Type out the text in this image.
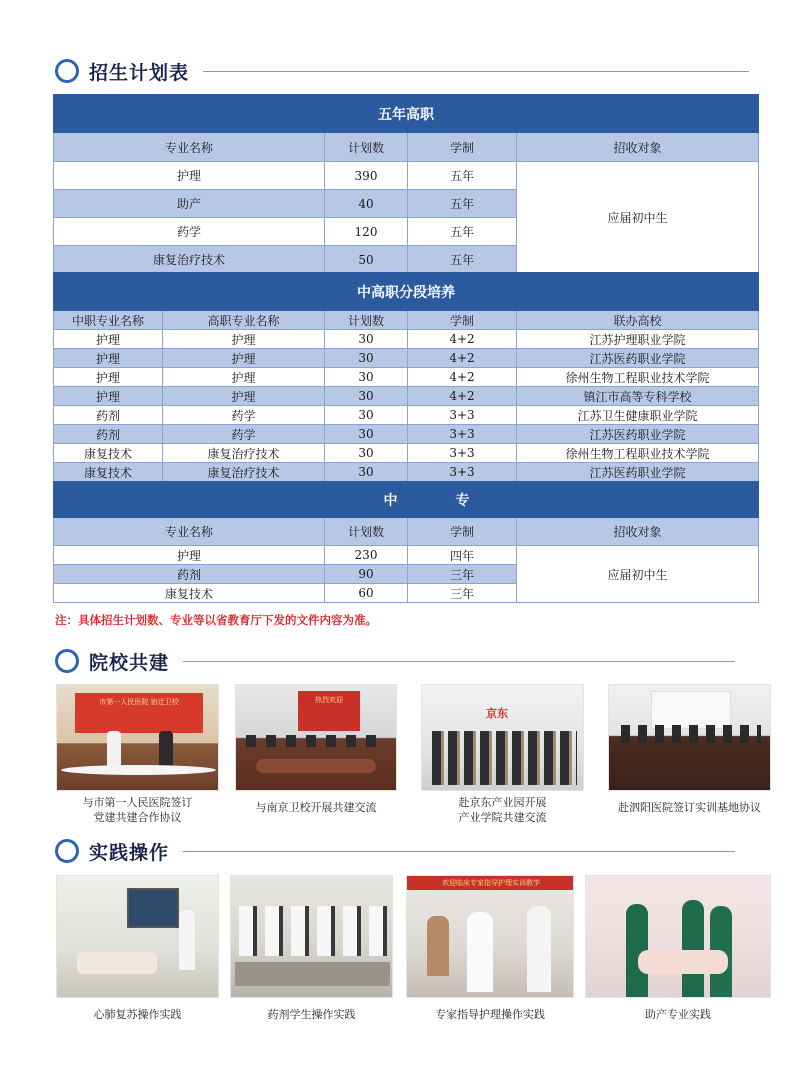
招生计划表
五年高职			
专业名称	计划数	学制	招收对象
护理	390	五年	应届初中生
助产	40	五年	
药学	120	五年	
康复治疗技术	50	五年	
中高职分段培养				
中职专业名称	高职专业名称	计划数	学制	联办高校
护理	护理	30	4+2	江苏护理职业学院
护理	护理	30	4+2	江苏医药职业学院
护理	护理	30	4+2	徐州生物工程职业技术学院
护理	护理	30	4+2	镇江市高等专科学校
药剂	药学	30	3+3	江苏卫生健康职业学院
药剂	药学	30	3+3	江苏医药职业学院
康复技术	康复治疗技术	30	3+3	徐州生物工程职业技术学院
康复技术	康复治疗技术	30	3+3	江苏医药职业学院
中		专	
专业名称	计划数	学制	招收对象
护理	230	四年	应届初中生
药剂	90	三年	
康复技术	60	三年	
注：具体招生计划数、专业等以省教育厅下发的文件内容为准。
院校共建
市第一人民医院 宿迁卫校
与市第一人民医院签订
党建共建合作协议
热烈欢迎
与南京卫校开展共建交流
京东
赴京东产业园开展
产业学院共建交流
赴泗阳医院签订实训基地协议
实践操作
心肺复苏操作实践	药剂学生操作实践
欢迎临床专家指导护理实训教学
专家指导护理操作实践	助产专业实践
